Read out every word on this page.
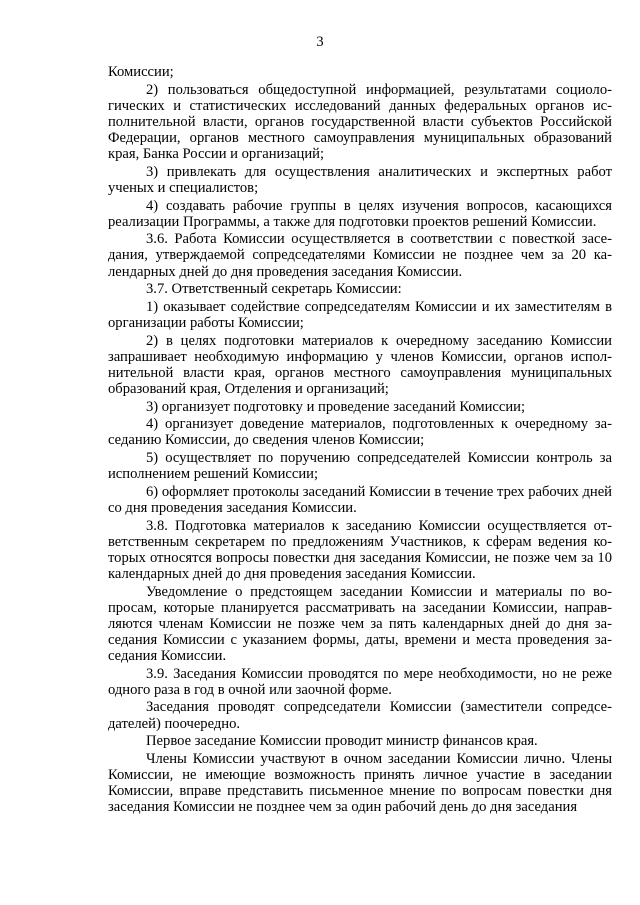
3

Комиссии;

2) пользоваться общедоступной информацией, результатами социологических и статистических исследований данных федеральных органов исполнительной власти, органов государственной власти субъектов Российской Федерации, органов местного самоуправления муниципальных образований края, Банка России и организаций;

3) привлекать для осуществления аналитических и экспертных работ ученых и специалистов;

4) создавать рабочие группы в целях изучения вопросов, касающихся реализации Программы, а также для подготовки проектов решений Комиссии.

3.6. Работа Комиссии осуществляется в соответствии с повесткой заседания, утверждаемой сопредседателями Комиссии не позднее чем за 20 календарных дней до дня проведения заседания Комиссии.

3.7. Ответственный секретарь Комиссии:

1) оказывает содействие сопредседателям Комиссии и их заместителям в организации работы Комиссии;

2) в целях подготовки материалов к очередному заседанию Комиссии запрашивает необходимую информацию у членов Комиссии, органов исполнительной власти края, органов местного самоуправления муниципальных образований края, Отделения и организаций;

3) организует подготовку и проведение заседаний Комиссии;

4) организует доведение материалов, подготовленных к очередному заседанию Комиссии, до сведения членов Комиссии;

5) осуществляет по поручению сопредседателей Комиссии контроль за исполнением решений Комиссии;

6) оформляет протоколы заседаний Комиссии в течение трех рабочих дней со дня проведения заседания Комиссии.

3.8. Подготовка материалов к заседанию Комиссии осуществляется ответственным секретарем по предложениям Участников, к сферам ведения которых относятся вопросы повестки дня заседания Комиссии, не позже чем за 10 календарных дней до дня проведения заседания Комиссии.

Уведомление о предстоящем заседании Комиссии и материалы по вопросам, которые планируется рассматривать на заседании Комиссии, направляются членам Комиссии не позже чем за пять календарных дней до дня заседания Комиссии с указанием формы, даты, времени и места проведения заседания Комиссии.

3.9. Заседания Комиссии проводятся по мере необходимости, но не реже одного раза в год в очной или заочной форме.

Заседания проводят сопредседатели Комиссии (заместители сопредседателей) поочередно.

Первое заседание Комиссии проводит министр финансов края.

Члены Комиссии участвуют в очном заседании Комиссии лично. Члены Комиссии, не имеющие возможность принять личное участие в заседании Комиссии, вправе представить письменное мнение по вопросам повестки дня заседания Комиссии не позднее чем за один рабочий день до дня заседания
